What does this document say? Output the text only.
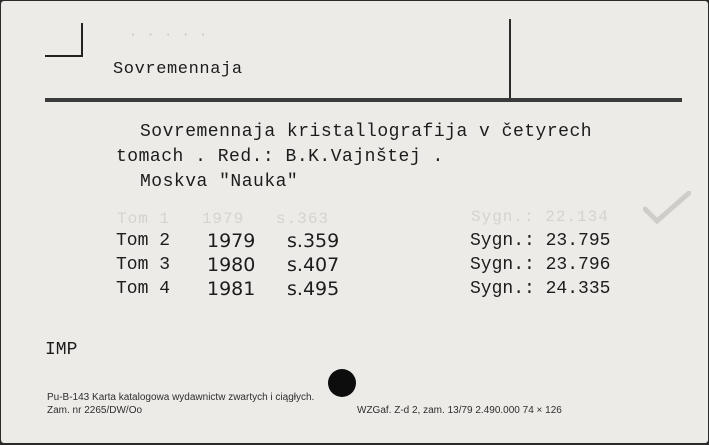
· · · · ·
Sovremennaja
Sovremennaja kristallografija v četyrech
tomach . Red.: B.K.Vajnštej .
Moskva "Nauka"
Tom 1   1979   s.363	Sygn.: 22.134
Tom 2 1979 s.359	Sygn.: 23.795
Tom 3 1980 s.407	Sygn.: 23.796
Tom 4 1981 s.495	Sygn.: 24.335
IMP
Pu-B-143 Karta katalogowa wydawnictw zwartych i ciągłych.
Zam. nr 2265/DW/Oo	WZGaf. Z-d 2, zam. 13/79 2.490.000 74 × 126
